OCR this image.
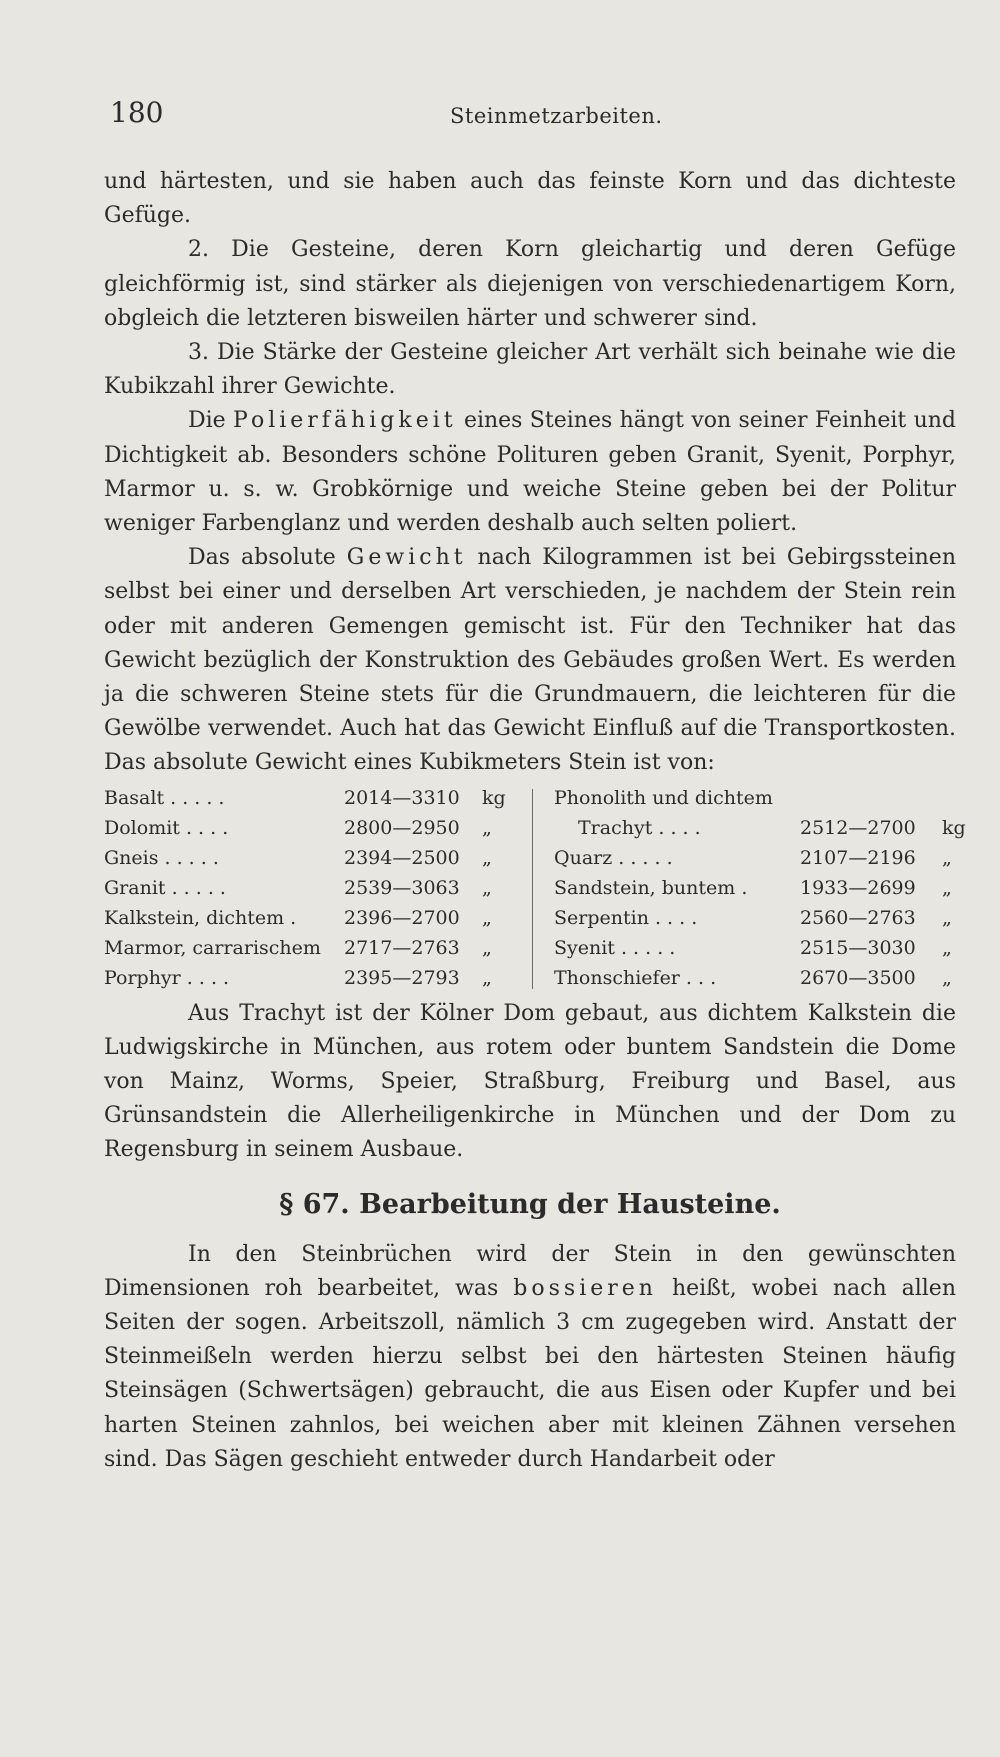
180	Steinmetzarbeiten.

und härtesten, und sie haben auch das feinste Korn und das dichteste Gefüge.

2. Die Gesteine, deren Korn gleichartig und deren Gefüge gleichförmig ist, sind stärker als diejenigen von verschiedenartigem Korn, obgleich die letzteren bisweilen härter und schwerer sind.

3. Die Stärke der Gesteine gleicher Art verhält sich beinahe wie die Kubikzahl ihrer Gewichte.

Die Polierfähigkeit eines Steines hängt von seiner Feinheit und Dichtigkeit ab. Besonders schöne Polituren geben Granit, Syenit, Porphyr, Marmor u. s. w. Grobkörnige und weiche Steine geben bei der Politur weniger Farbenglanz und werden deshalb auch selten poliert.

Das absolute Gewicht nach Kilogrammen ist bei Gebirgssteinen selbst bei einer und derselben Art verschieden, je nachdem der Stein rein oder mit anderen Gemengen gemischt ist. Für den Techniker hat das Gewicht bezüglich der Konstruktion des Gebäudes großen Wert. Es werden ja die schweren Steine stets für die Grundmauern, die leichteren für die Gewölbe verwendet. Auch hat das Gewicht Einfluß auf die Transportkosten. Das absolute Gewicht eines Kubikmeters Stein ist von:

Basalt . . . . .	2014—3310 kg
Dolomit . . . .	2800—2950 „
Gneis . . . . .	2394—2500 „
Granit . . . . .	2539—3063 „
Kalkstein, dichtem .	2396—2700 „
Marmor, carrarischem 2717—2763 „
Porphyr . . . .	2395—2793 „
Phonolith und dichtem
Trachyt . . . .	2512—2700 kg
Quarz . . . . .	2107—2196 „
Sandstein, buntem .	1933—2699 „
Serpentin . . . .	2560—2763 „
Syenit . . . . .	2515—3030 „
Thonschiefer . . .	2670—3500 „

Aus Trachyt ist der Kölner Dom gebaut, aus dichtem Kalkstein die Ludwigskirche in München, aus rotem oder buntem Sandstein die Dome von Mainz, Worms, Speier, Straßburg, Freiburg und Basel, aus Grünsandstein die Allerheiligenkirche in München und der Dom zu Regensburg in seinem Ausbaue.

§ 67. Bearbeitung der Hausteine.

In den Steinbrüchen wird der Stein in den gewünschten Dimensionen roh bearbeitet, was bossieren heißt, wobei nach allen Seiten der sogen. Arbeitszoll, nämlich 3 cm zugegeben wird. Anstatt der Steinmeißeln werden hierzu selbst bei den härtesten Steinen häufig Steinsägen (Schwertsägen) gebraucht, die aus Eisen oder Kupfer und bei harten Steinen zahnlos, bei weichen aber mit kleinen Zähnen versehen sind. Das Sägen geschieht entweder durch Handarbeit oder
